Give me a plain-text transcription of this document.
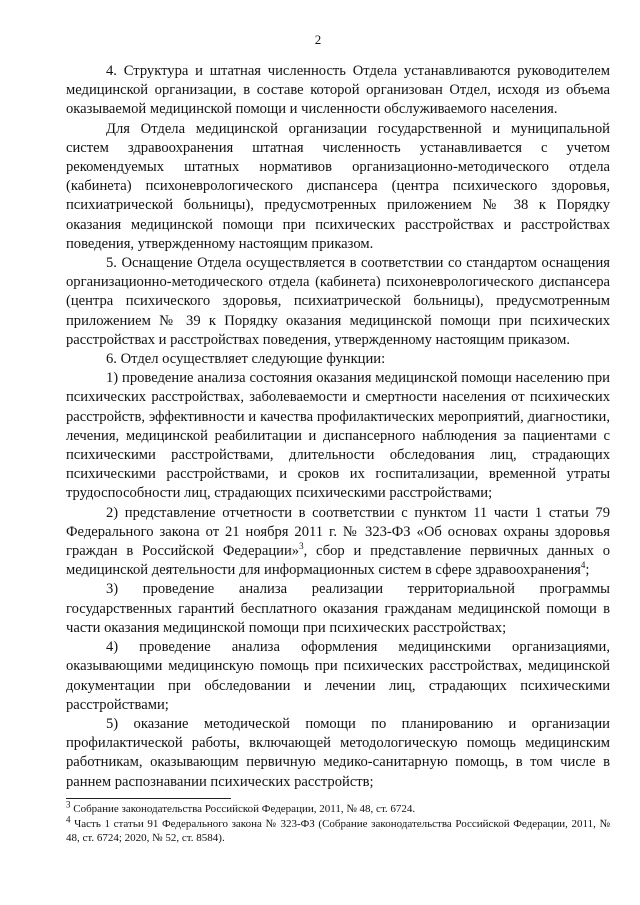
2

4. Структура и штатная численность Отдела устанавливаются руководителем медицинской организации, в составе которой организован Отдел, исходя из объема оказываемой медицинской помощи и численности обслуживаемого населения.

Для Отдела медицинской организации государственной и муниципальной систем здравоохранения штатная численность устанавливается с учетом рекомендуемых штатных нормативов организационно-методического отдела (кабинета) психоневрологического диспансера (центра психического здоровья, психиатрической больницы), предусмотренных приложением № 38 к Порядку оказания медицинской помощи при психических расстройствах и расстройствах поведения, утвержденному настоящим приказом.

5. Оснащение Отдела осуществляется в соответствии со стандартом оснащения организационно-методического отдела (кабинета) психоневрологического диспансера (центра психического здоровья, психиатрической больницы), предусмотренным приложением № 39 к Порядку оказания медицинской помощи при психических расстройствах и расстройствах поведения, утвержденному настоящим приказом.

6. Отдел осуществляет следующие функции:

1) проведение анализа состояния оказания медицинской помощи населению при психических расстройствах, заболеваемости и смертности населения от психических расстройств, эффективности и качества профилактических мероприятий, диагностики, лечения, медицинской реабилитации и диспансерного наблюдения за пациентами с психическими расстройствами, длительности обследования лиц, страдающих психическими расстройствами, и сроков их госпитализации, временной утраты трудоспособности лиц, страдающих психическими расстройствами;

2) представление отчетности в соответствии с пунктом 11 части 1 статьи 79 Федерального закона от 21 ноября 2011 г. № 323-ФЗ «Об основах охраны здоровья граждан в Российской Федерации»$^3$, сбор и представление первичных данных о медицинской деятельности для информационных систем в сфере здравоохранения$^4$;

3) проведение анализа реализации территориальной программы государственных гарантий бесплатного оказания гражданам медицинской помощи в части оказания медицинской помощи при психических расстройствах;

4) проведение анализа оформления медицинскими организациями, оказывающими медицинскую помощь при психических расстройствах, медицинской документации при обследовании и лечении лиц, страдающих психическими расстройствами;

5) оказание методической помощи по планированию и организации профилактической работы, включающей методологическую помощь медицинским работникам, оказывающим первичную медико-санитарную помощь, в том числе в раннем распознавании психических расстройств;

$^3$ Собрание законодательства Российской Федерации, 2011, № 48, ст. 6724.

$^4$ Часть 1 статьи 91 Федерального закона № 323-ФЗ (Собрание законодательства Российской Федерации, 2011, № 48, ст. 6724; 2020, № 52, ст. 8584).
